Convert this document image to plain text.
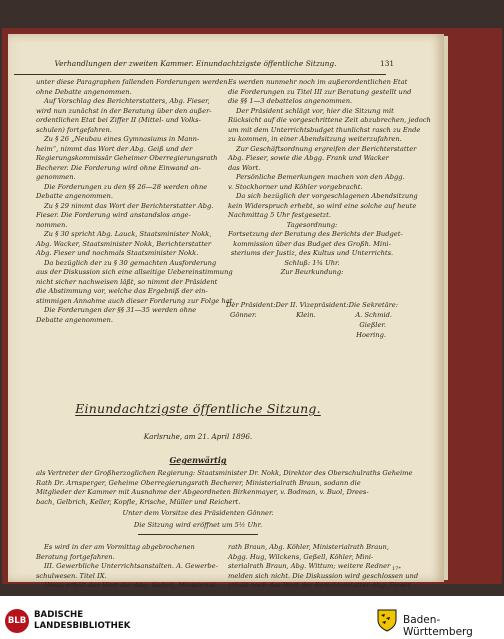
Verhandlungen der zweiten Kammer. Einundachtzigste öffentliche Sitzung.	131
unter diese Paragraphen fallenden Forderungen werden
ohne Debatte angenommen.
Auf Vorschlag des Berichterstatters, Abg. Fieser,
wird nun zunächst in der Beratung über den außer-
ordentlichen Etat bei Ziffer II (Mittel- und Volks-
schulen) fortgefahren.
Zu § 26 „Neubau eines Gymnasiums in Mann-
heim“, nimmt das Wort der Abg. Geiß und der
Regierungskommissär Geheimer Oberregierungsrath
Becherer. Die Forderung wird ohne Einwand an-
genommen.
Die Forderungen zu den §§ 26—28 werden ohne
Debatte angenommen.
Zu § 29 nimmt das Wort der Berichterstatter Abg.
Fieser. Die Forderung wird anstandslos ange-
nommen.
Zu § 30 spricht Abg. Lauck, Staatsminister Nokk,
Abg. Wacker, Staatsminister Nokk, Berichterstatter
Abg. Fieser und nochmals Staatsminister Nokk.
Da bezüglich der zu § 30 gemachten Ausforderung
aus der Diskussion sich eine allseitige Uebereinstimmung
nicht sicher nachweisen läßt, so nimmt der Präsident
die Abstimmung vor, welche das Ergebniß der ein-
stimmigen Annahme auch dieser Forderung zur Folge hat.
Die Forderungen der §§ 31—35 werden ohne
Debatte angenommen.
Es werden nunmehr noch im außerordentlichen Etat
die Forderungen zu Titel III zur Beratung gestellt und
die §§ 1—3 debattelos angenommen.
Der Präsident schlägt vor, hier die Sitzung mit
Rücksicht auf die vorgeschrittene Zeit abzubrechen, jedoch
um mit dem Unterrichtsbudget thunlichst rasch zu Ende
zu kommen, in einer Abendsitzung weiterzufahren.
Zur Geschäftsordnung ergreifen der Berichterstatter
Abg. Fieser, sowie die Abgg. Frank und Wacker
das Wort.
Persönliche Bemerkungen machen von den Abgg.
v. Stockhorner und Köhler vorgebracht.
Da sich bezüglich der vorgeschlagenen Abendsitzung
kein Widerspruch erhebt, so wird eine solche auf heute
Nachmittag 5 Uhr festgesetzt.
Tagesordnung:
Fortsetzung der Beratung des Berichts der Budget-
kommission über das Budget des Großh. Mini-
steriums der Justiz, des Kultus und Unterrichts.
Schluß: 1¾ Uhr.
Zur Beurkundung:
Der Präsident: Der II. Vizepräsident: Die Sekretäre:
Gönner.	Klein.	A. Schmid.
Gießler.
Hoering.
Einundachtzigste öffentliche Sitzung.
Karlsruhe, am 21. April 1896.
Gegenwärtig
als Vertreter der Großherzoglichen Regierung: Staatsminister Dr. Nokk, Direktor des Oberschulraths Geheime
Rath Dr. Arnsperger, Geheime Oberregierungsrath Becherer, Ministerialrath Braun, sodann die
Mitglieder der Kammer mit Ausnahme der Abgeordneten Birkenmayer, v. Bodman, v. Buol, Drees-
bach, Gelbrich, Keller, Kopfle, Krische, Müller und Reichert.
Unter dem Vorsitze des Präsidenten Gönner.
Die Sitzung wird eröffnet um 5½ Uhr.
Es wird in der am Vormittag abgebrochenen
Beratung fortgefahren.
III. Gewerbliche Unterrichtsanstalten. A. Gewerbe-
schulwesen. Titel IX.
Hiezu erhält das Wort der Abg. Geßell, Ministerial-
rath Braun, Abg. Köhler, Ministerialrath Braun,
Abgg. Hug, Wilckens, Geßell, Köhler, Mini-
sterialrath Braun, Abg. Wittum; weitere Redner
melden sich nicht. Die Diskussion wird geschlossen und
erhält noch das Wort der Berichterstatter Abg. Fieser.
17*
BLB
BADISCHE
LANDESBIBLIOTHEK	Baden-Württemberg
